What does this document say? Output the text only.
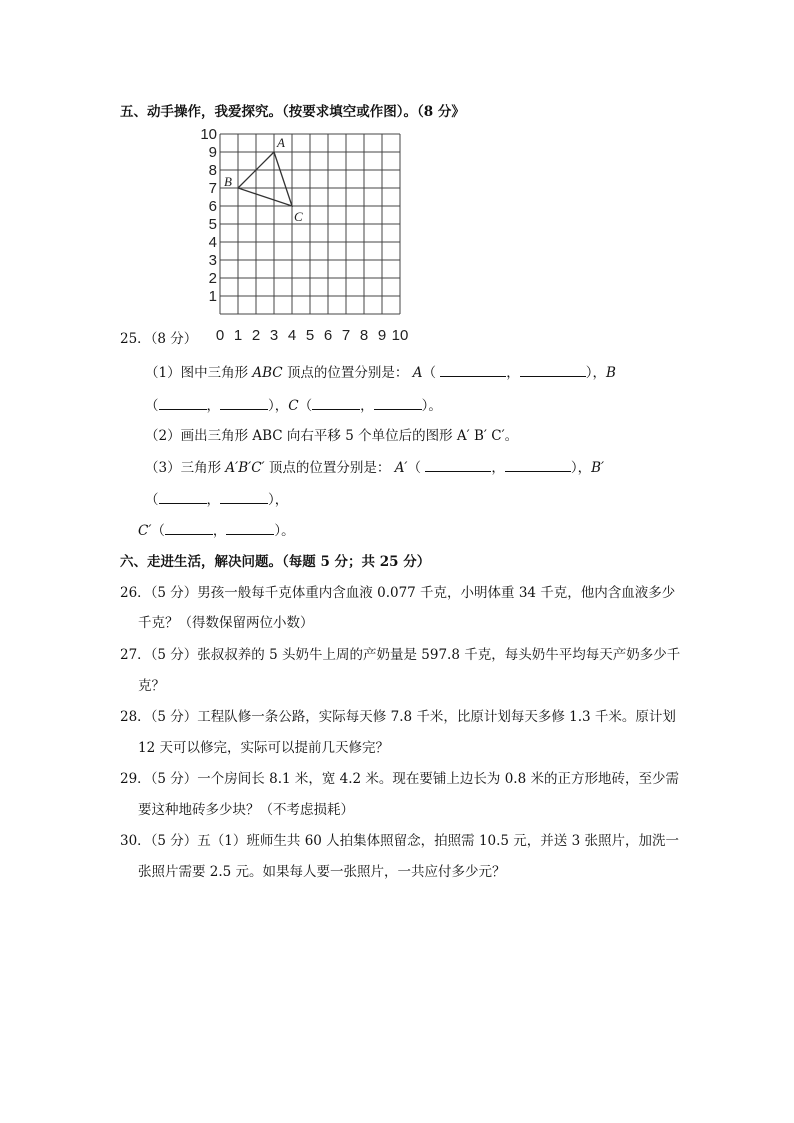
五、动手操作，我爱探究。（按要求填空或作图）。（8 分》
0 1 2 3 4 5 6 7 8 9 10
1
2
3
4
5
6
7
8
9
10	A
B
C
25．（8 分）
（1）图中三角形 ABC 顶点的位置分别是： A（	，	），B
（	，	），C（	，	）。
（2）画出三角形 ABC 向右平移 5 个单位后的图形 A′ B′ C′。
（3）三角形 A′B′C′ 顶点的位置分别是： A′（	，	），B′
（	，	），
C′（	，	）。
六、走进生活，解决问题。（每题 5 分；共 25 分）
26．（5 分）男孩一般每千克体重内含血液 0.077 千克，小明体重 34 千克，他内含血液多少
千克？（得数保留两位小数）
27．（5 分）张叔叔养的 5 头奶牛上周的产奶量是 597.8 千克，每头奶牛平均每天产奶多少千
克？
28．（5 分）工程队修一条公路，实际每天修 7.8 千米，比原计划每天多修 1.3 千米。原计划
12 天可以修完，实际可以提前几天修完？
29．（5 分）一个房间长 8.1 米，宽 4.2 米。现在要铺上边长为 0.8 米的正方形地砖，至少需
要这种地砖多少块？（不考虑损耗）
30．（5 分）五（1）班师生共 60 人拍集体照留念，拍照需 10.5 元，并送 3 张照片，加洗一
张照片需要 2.5 元。如果每人要一张照片，一共应付多少元？
